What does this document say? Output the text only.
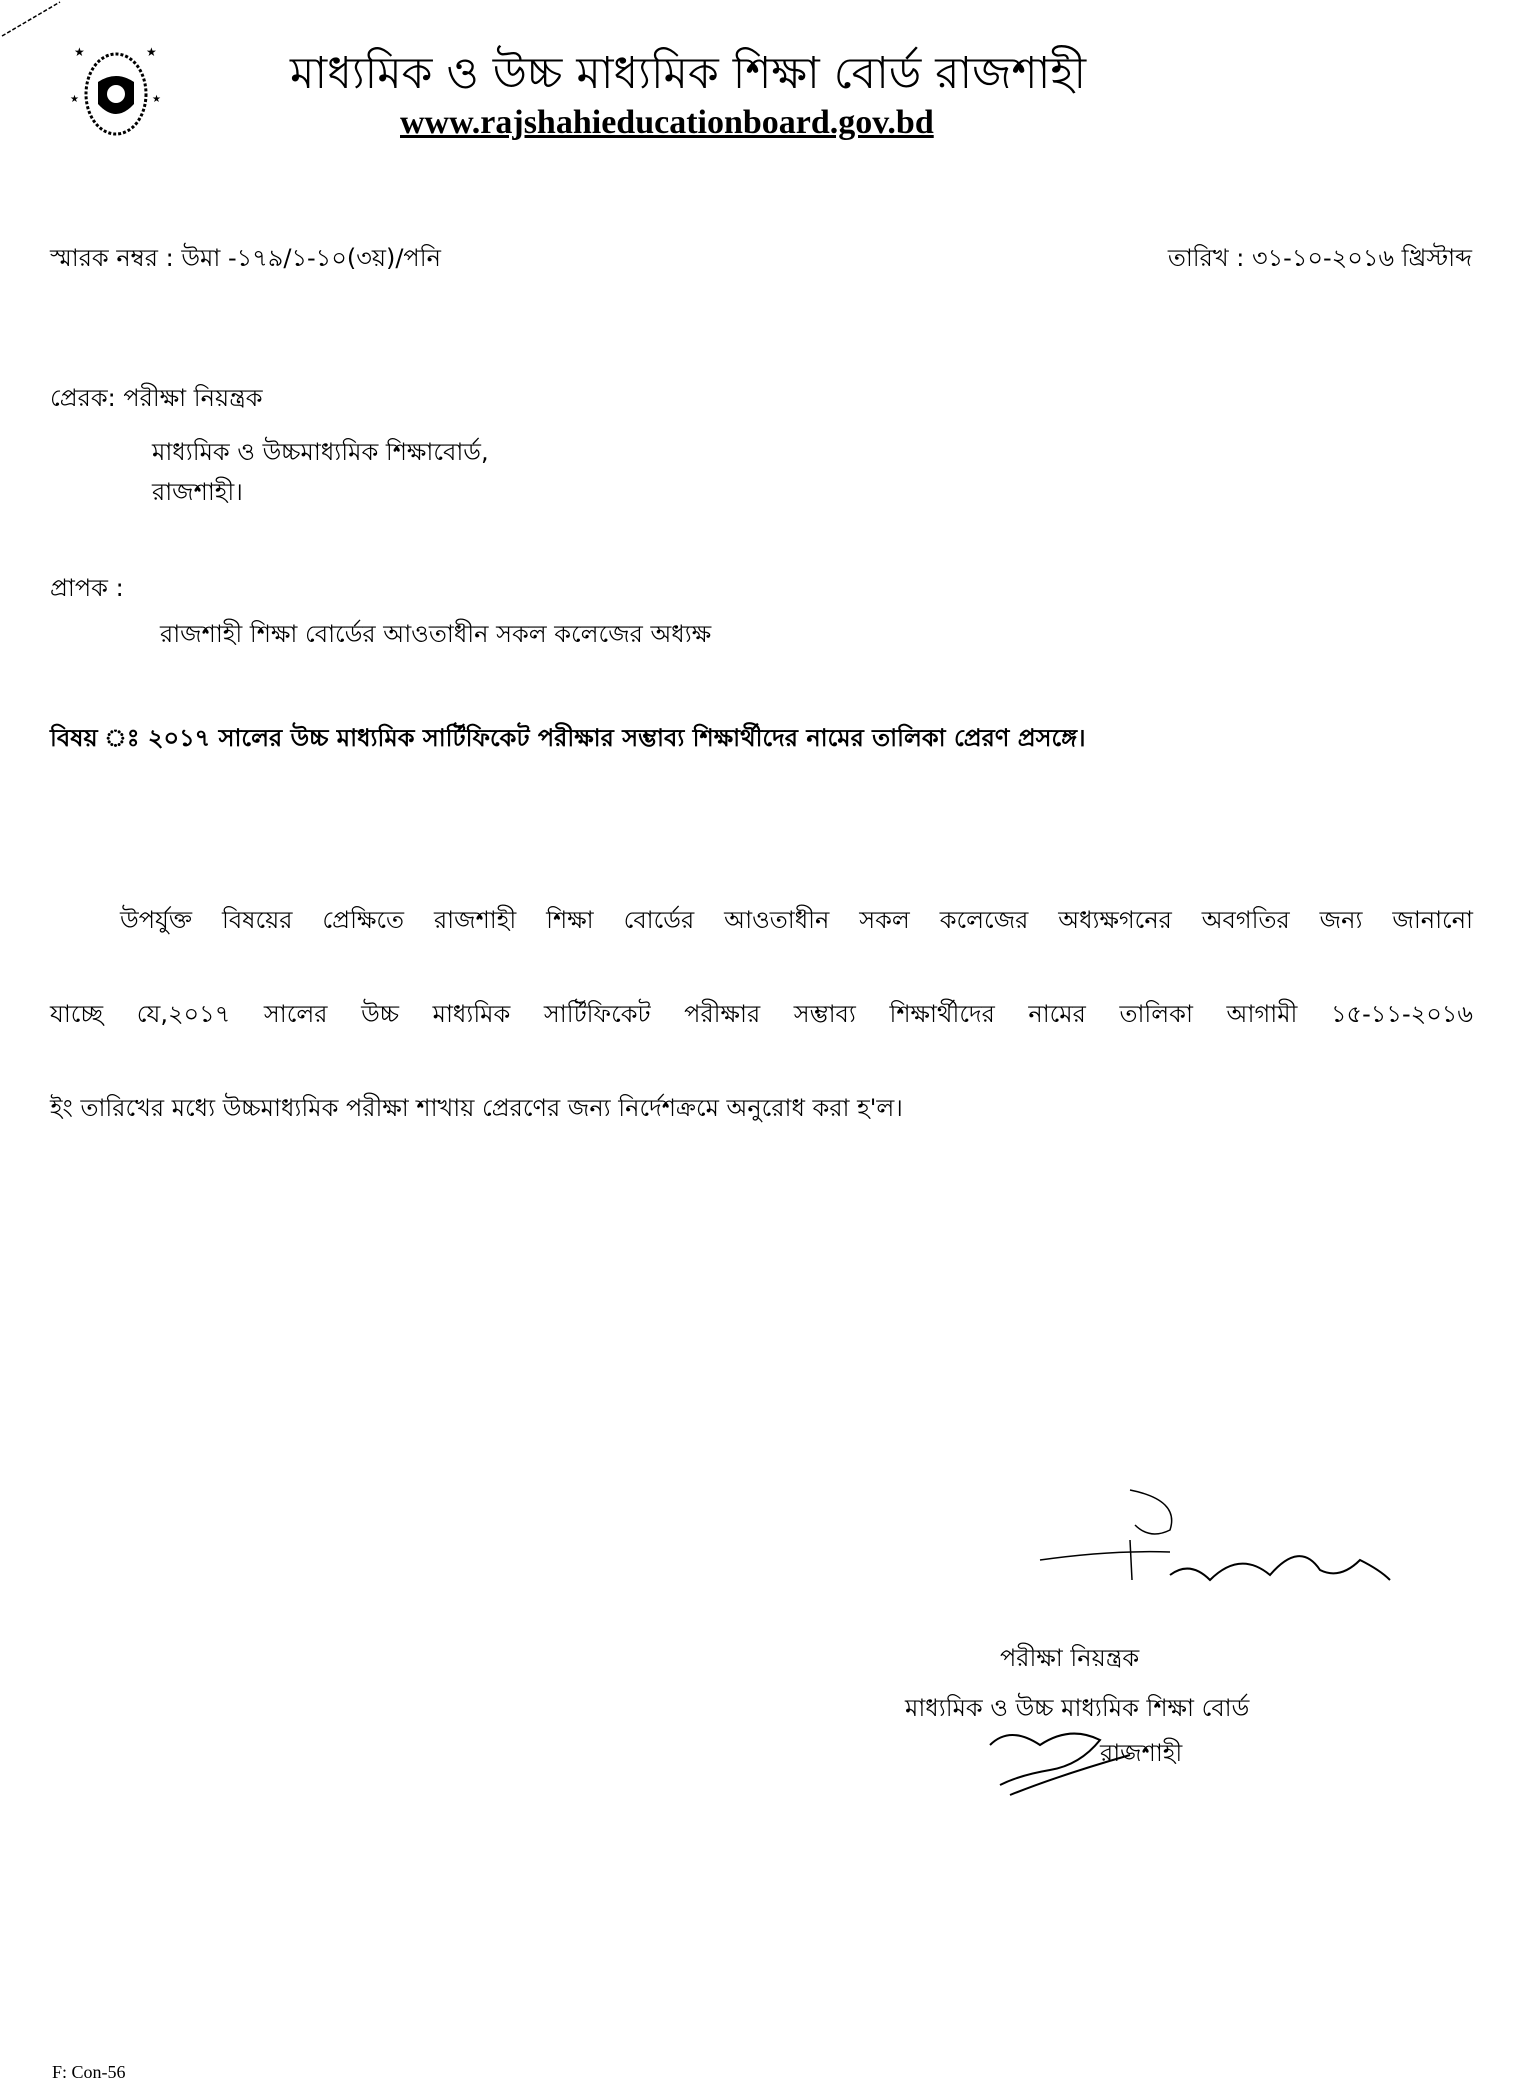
★	★
★	★
মাধ্যমিক ও উচ্চ মাধ্যমিক শিক্ষা বোর্ড রাজশাহী
www.rajshahieducationboard.gov.bd
স্মারক নম্বর : উমা -১৭৯/১-১০(৩য়)/পনি	তারিখ : ৩১-১০-২০১৬ খ্রিস্টাব্দ
প্রেরক: পরীক্ষা নিয়ন্ত্রক
মাধ্যমিক ও উচ্চমাধ্যমিক শিক্ষাবোর্ড,
রাজশাহী।
প্রাপক :
রাজশাহী শিক্ষা বোর্ডের আওতাধীন সকল কলেজের অধ্যক্ষ
বিষয় ঃ ২০১৭ সালের উচ্চ মাধ্যমিক সার্টিফিকেট পরীক্ষার সম্ভাব্য শিক্ষার্থীদের নামের তালিকা প্রেরণ প্রসঙ্গে।
উপর্যুক্ত বিষয়ের প্রেক্ষিতে রাজশাহী শিক্ষা বোর্ডের আওতাধীন সকল কলেজের অধ্যক্ষগনের অবগতির জন্য জানানো
যাচ্ছে যে,২০১৭ সালের উচ্চ মাধ্যমিক সার্টিফিকেট পরীক্ষার সম্ভাব্য শিক্ষার্থীদের নামের তালিকা আগামী ১৫-১১-২০১৬
ইং তারিখের মধ্যে উচ্চমাধ্যমিক পরীক্ষা শাখায় প্রেরণের জন্য নির্দেশক্রমে অনুরোধ করা হ'ল।
পরীক্ষা নিয়ন্ত্রক
মাধ্যমিক ও উচ্চ মাধ্যমিক শিক্ষা বোর্ড
রাজশাহী
F: Con-56
